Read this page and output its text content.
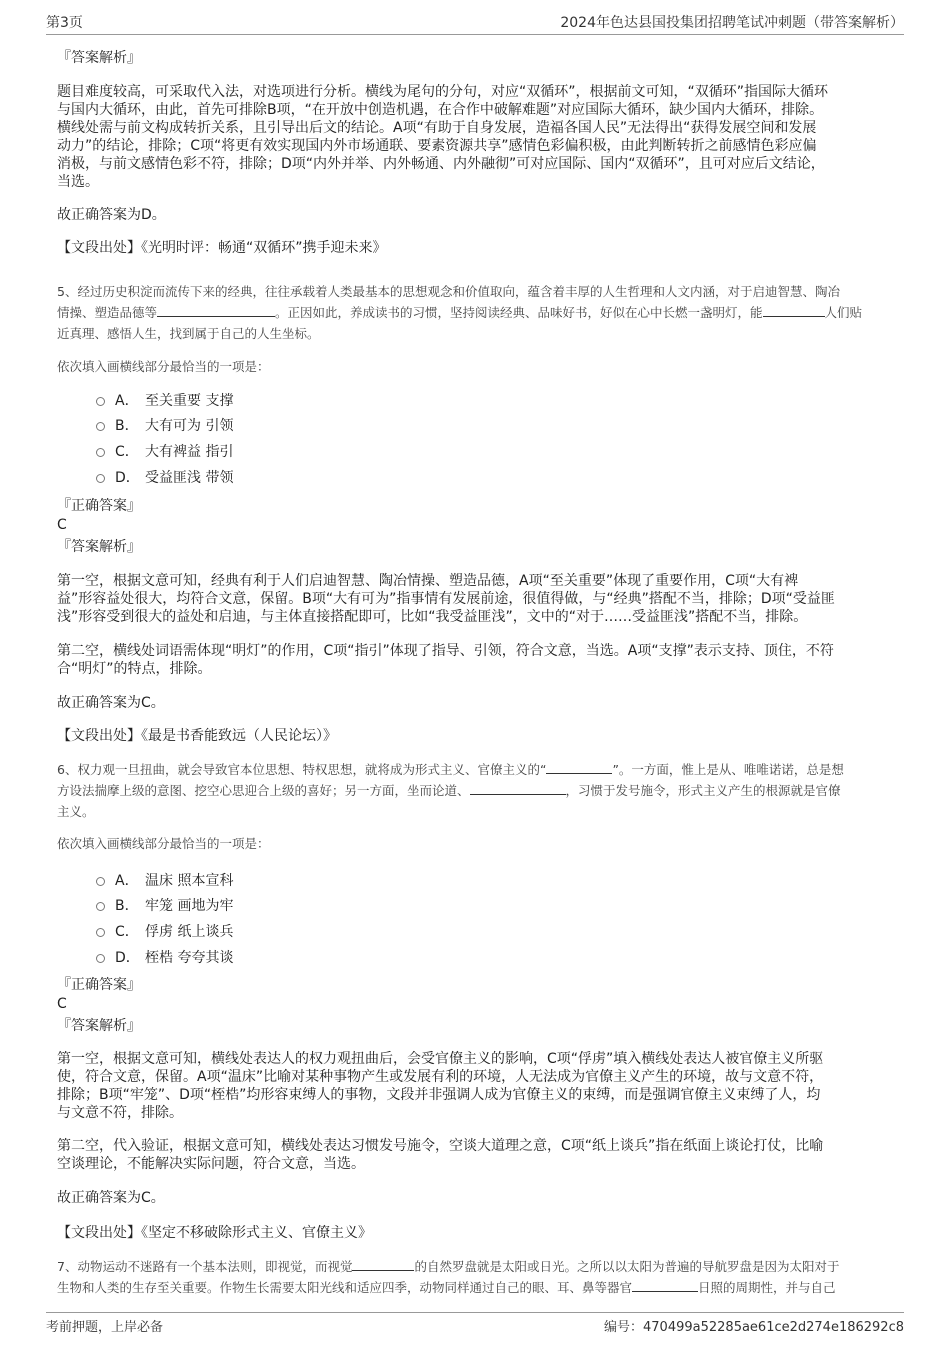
第3页	2024年色达县国投集团招聘笔试冲刺题（带答案解析）
『答案解析』
题目难度较高，可采取代入法，对选项进行分析。横线为尾句的分句，对应“双循环”，根据前文可知，“双循环”指国际大循环
与国内大循环，由此，首先可排除B项，“在开放中创造机遇，在合作中破解难题”对应国际大循环，缺少国内大循环，排除。
横线处需与前文构成转折关系，且引导出后文的结论。A项“有助于自身发展，造福各国人民”无法得出“获得发展空间和发展
动力”的结论，排除；C项“将更有效实现国内外市场通联、要素资源共享”感情色彩偏积极，由此判断转折之前感情色彩应偏
消极，与前文感情色彩不符，排除；D项“内外并举、内外畅通、内外融彻”可对应国际、国内“双循环”，且可对应后文结论，
当选。
故正确答案为D。
【文段出处】《光明时评：畅通“双循环”携手迎未来》
5、经过历史积淀而流传下来的经典，往往承载着人类最基本的思想观念和价值取向，蕴含着丰厚的人生哲理和人文内涵，对于启迪智慧、陶冶
情操、塑造品德等	。正因如此，养成读书的习惯，坚持阅读经典、品味好书，好似在心中长燃一盏明灯，能	人们贴
近真理、感悟人生，找到属于自己的人生坐标。
依次填入画横线部分最恰当的一项是：
A． 至关重要 支撑
B． 大有可为 引领
C． 大有裨益 指引
D． 受益匪浅 带领
『正确答案』
C
『答案解析』
第一空，根据文意可知，经典有利于人们启迪智慧、陶冶情操、塑造品德，A项“至关重要”体现了重要作用，C项“大有裨
益”形容益处很大，均符合文意，保留。B项“大有可为”指事情有发展前途，很值得做，与“经典”搭配不当，排除；D项“受益匪
浅”形容受到很大的益处和启迪，与主体直接搭配即可，比如“我受益匪浅”，文中的“对于……受益匪浅”搭配不当，排除。
第二空，横线处词语需体现“明灯”的作用，C项“指引”体现了指导、引领，符合文意，当选。A项“支撑”表示支持、顶住，不符
合“明灯”的特点，排除。
故正确答案为C。
【文段出处】《最是书香能致远（人民论坛）》
6、权力观一旦扭曲，就会导致官本位思想、特权思想，就将成为形式主义、官僚主义的“	”。一方面，惟上是从、唯唯诺诺，总是想
方设法揣摩上级的意图、挖空心思迎合上级的喜好；另一方面，坐而论道、	，习惯于发号施令，形式主义产生的根源就是官僚
主义。
依次填入画横线部分最恰当的一项是：
A． 温床 照本宣科
B． 牢笼 画地为牢
C． 俘虏 纸上谈兵
D． 桎梏 夸夸其谈
『正确答案』
C
『答案解析』
第一空，根据文意可知，横线处表达人的权力观扭曲后，会受官僚主义的影响，C项“俘虏”填入横线处表达人被官僚主义所驱
使，符合文意，保留。A项“温床”比喻对某种事物产生或发展有利的环境，人无法成为官僚主义产生的环境，故与文意不符，
排除；B项“牢笼”、D项“桎梏”均形容束缚人的事物，文段并非强调人成为官僚主义的束缚，而是强调官僚主义束缚了人，均
与文意不符，排除。
第二空，代入验证，根据文意可知，横线处表达习惯发号施令，空谈大道理之意，C项“纸上谈兵”指在纸面上谈论打仗，比喻
空谈理论，不能解决实际问题，符合文意，当选。
故正确答案为C。
【文段出处】《坚定不移破除形式主义、官僚主义》
7、动物运动不迷路有一个基本法则，即视觉，而视觉	的自然罗盘就是太阳或日光。之所以以太阳为普遍的导航罗盘是因为太阳对于
生物和人类的生存至关重要。作物生长需要太阳光线和适应四季，动物同样通过自己的眼、耳、鼻等器官	日照的周期性，并与自己
考前押题，上岸必备	编号：470499a52285ae61ce2d274e186292c8
